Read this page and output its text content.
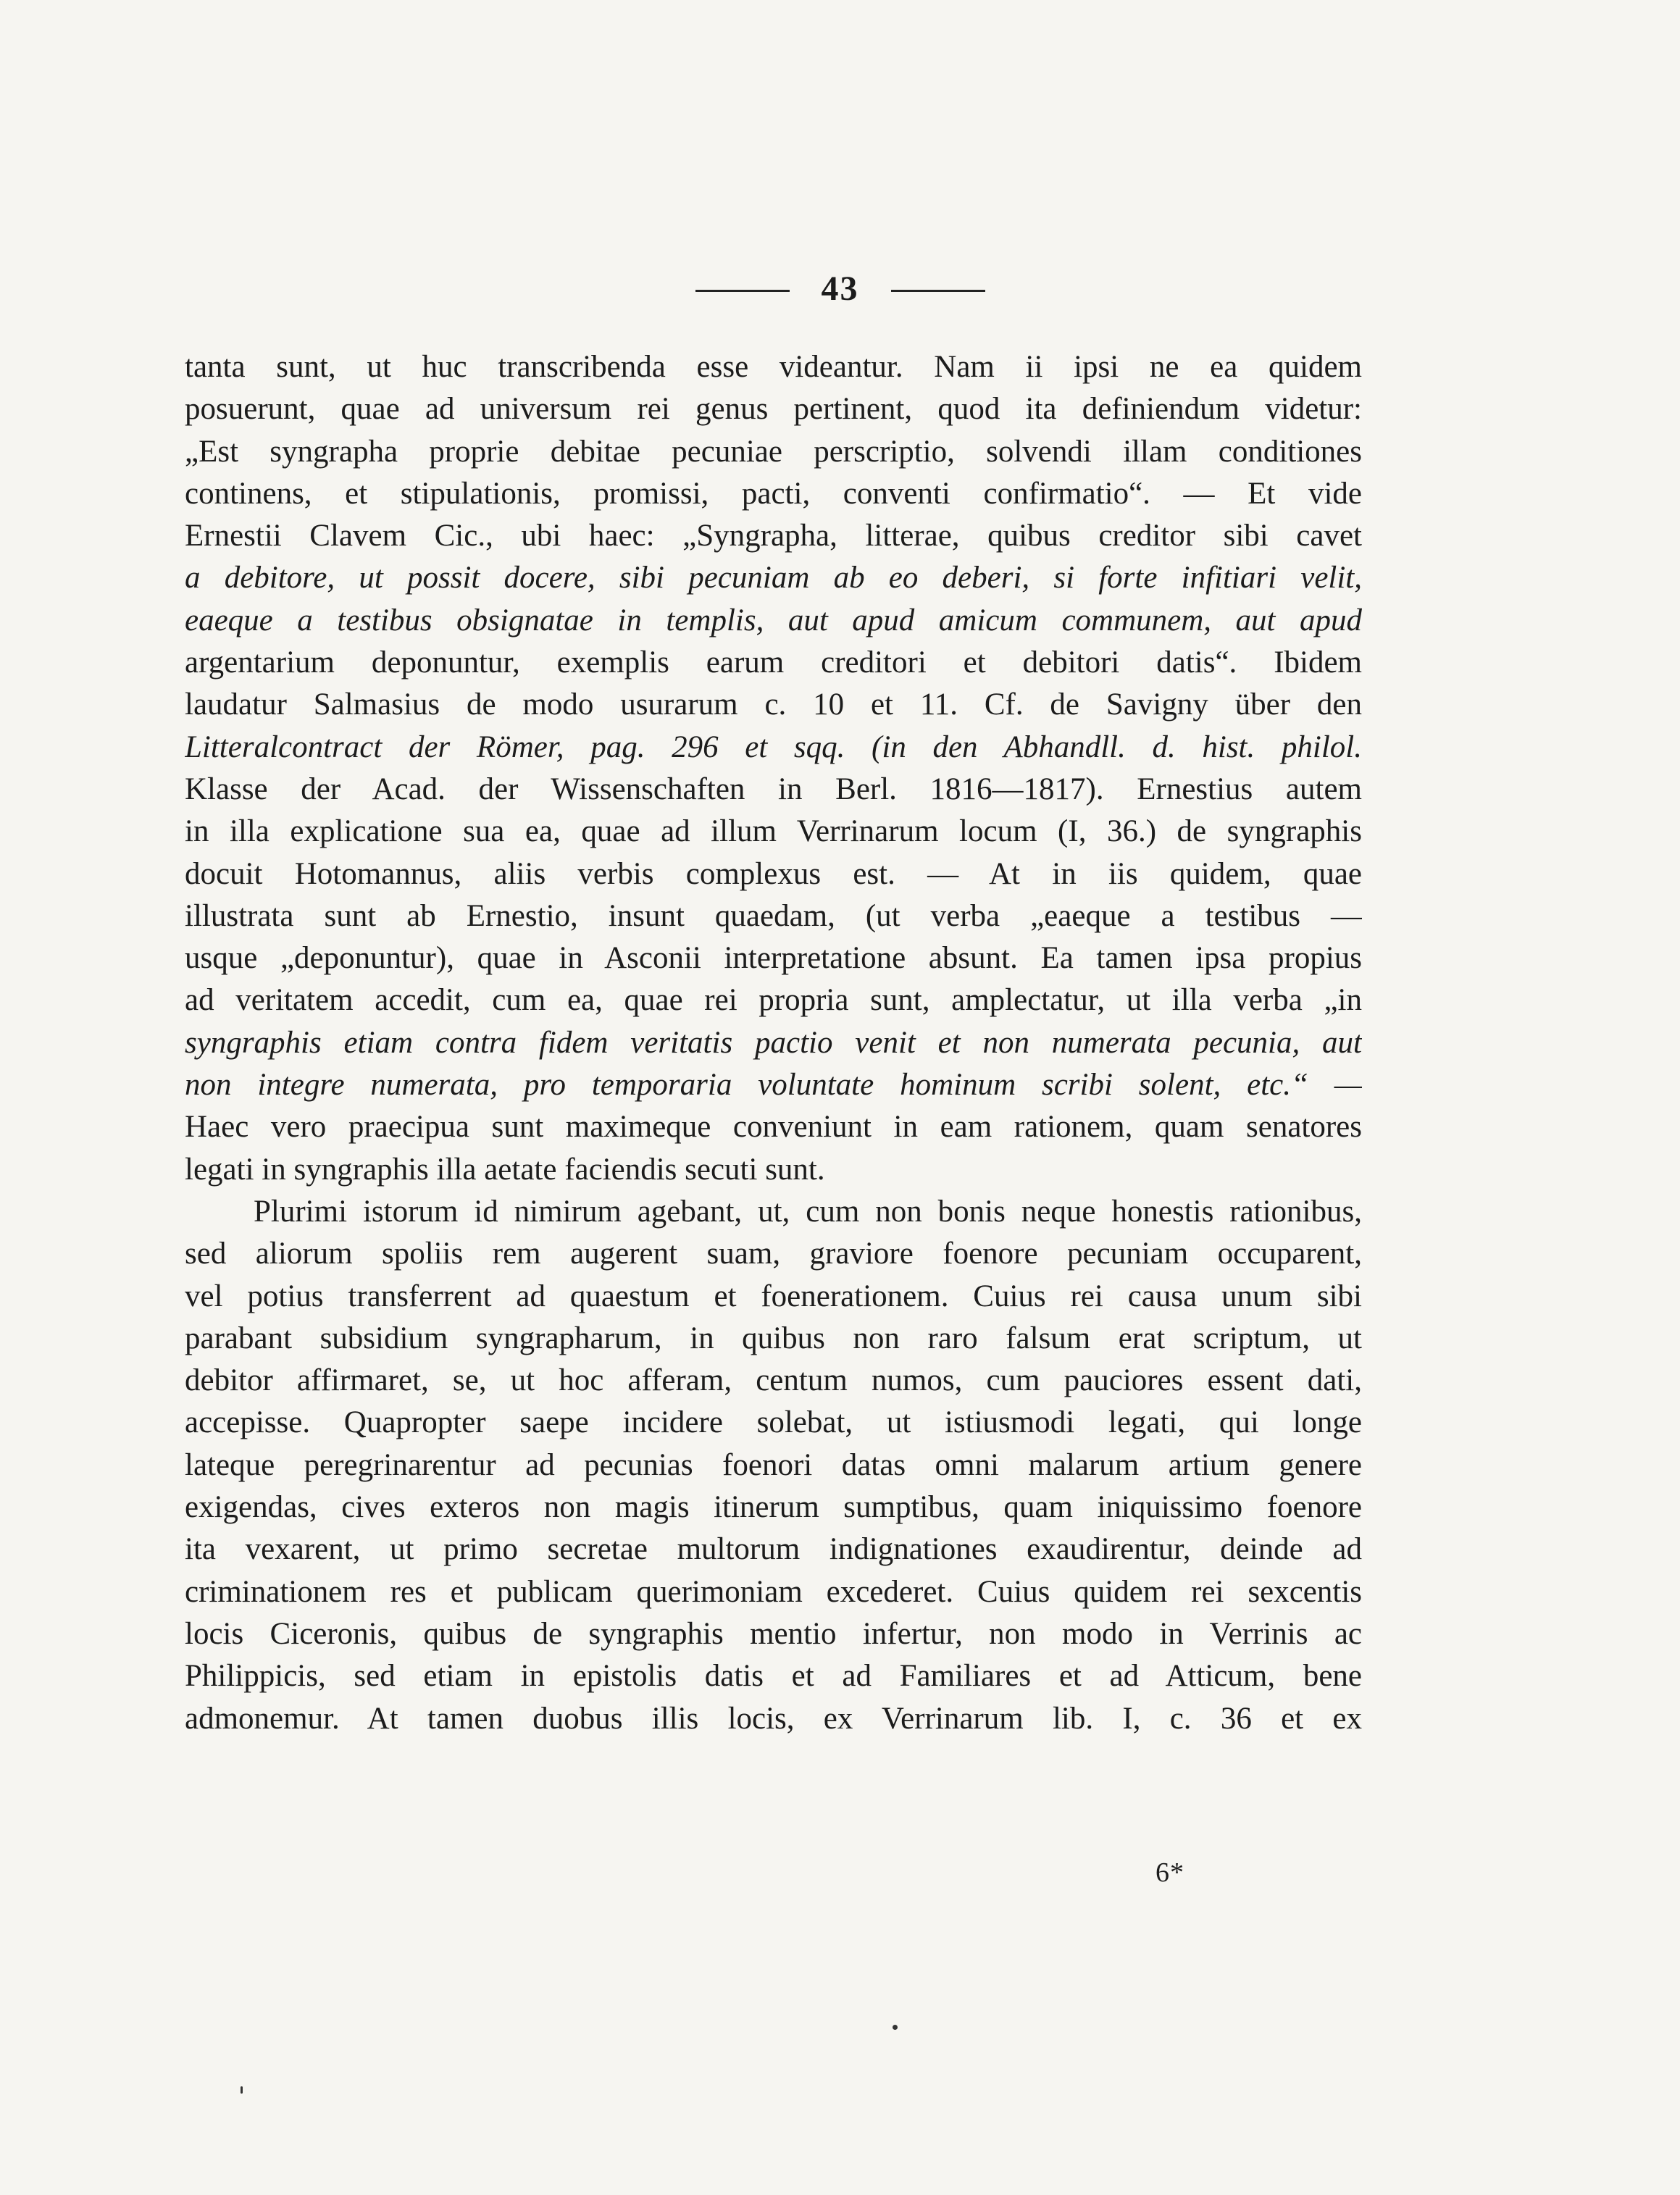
43
tanta sunt, ut huc transcribenda esse videantur. Nam ii ipsi ne ea quidem
posuerunt, quae ad universum rei genus pertinent, quod ita definiendum videtur:
„Est syngrapha proprie debitae pecuniae perscriptio, solvendi illam conditiones
continens, et stipulationis, promissi, pacti, conventi confirmatio“. — Et vide
Ernestii Clavem Cic., ubi haec: „Syngrapha, litterae, quibus creditor sibi cavet
a debitore, ut possit docere, sibi pecuniam ab eo deberi, si forte infitiari velit,
eaeque a testibus obsignatae in templis, aut apud amicum communem, aut apud
argentarium deponuntur, exemplis earum creditori et debitori datis“. Ibidem
laudatur Salmasius de modo usurarum c. 10 et 11. Cf. de Savigny über den
Litteralcontract der Römer, pag. 296 et sqq. (in den Abhandll. d. hist. philol.
Klasse der Acad. der Wissenschaften in Berl. 1816—1817). Ernestius autem
in illa explicatione sua ea, quae ad illum Verrinarum locum (I, 36.) de syngraphis
docuit Hotomannus, aliis verbis complexus est. — At in iis quidem, quae
illustrata sunt ab Ernestio, insunt quaedam, (ut verba „eaeque a testibus —
usque „deponuntur), quae in Asconii interpretatione absunt. Ea tamen ipsa propius
ad veritatem accedit, cum ea, quae rei propria sunt, amplectatur, ut illa verba „in
syngraphis etiam contra fidem veritatis pactio venit et non numerata pecunia, aut
non integre numerata, pro temporaria voluntate hominum scribi solent, etc.“ —
Haec vero praecipua sunt maximeque conveniunt in eam rationem, quam senatores
legati in syngraphis illa aetate faciendis secuti sunt.
Plurimi istorum id nimirum agebant, ut, cum non bonis neque honestis rationibus,
sed aliorum spoliis rem augerent suam, graviore foenore pecuniam occuparent,
vel potius transferrent ad quaestum et foenerationem. Cuius rei causa unum sibi
parabant subsidium syngrapharum, in quibus non raro falsum erat scriptum, ut
debitor affirmaret, se, ut hoc afferam, centum numos, cum pauciores essent dati,
accepisse. Quapropter saepe incidere solebat, ut istiusmodi legati, qui longe
lateque peregrinarentur ad pecunias foenori datas omni malarum artium genere
exigendas, cives exteros non magis itinerum sumptibus, quam iniquissimo foenore
ita vexarent, ut primo secretae multorum indignationes exaudirentur, deinde ad
criminationem res et publicam querimoniam excederet. Cuius quidem rei sexcentis
locis Ciceronis, quibus de syngraphis mentio infertur, non modo in Verrinis ac
Philippicis, sed etiam in epistolis datis et ad Familiares et ad Atticum, bene
admonemur. At tamen duobus illis locis, ex Verrinarum lib. I, c. 36 et ex
6*
